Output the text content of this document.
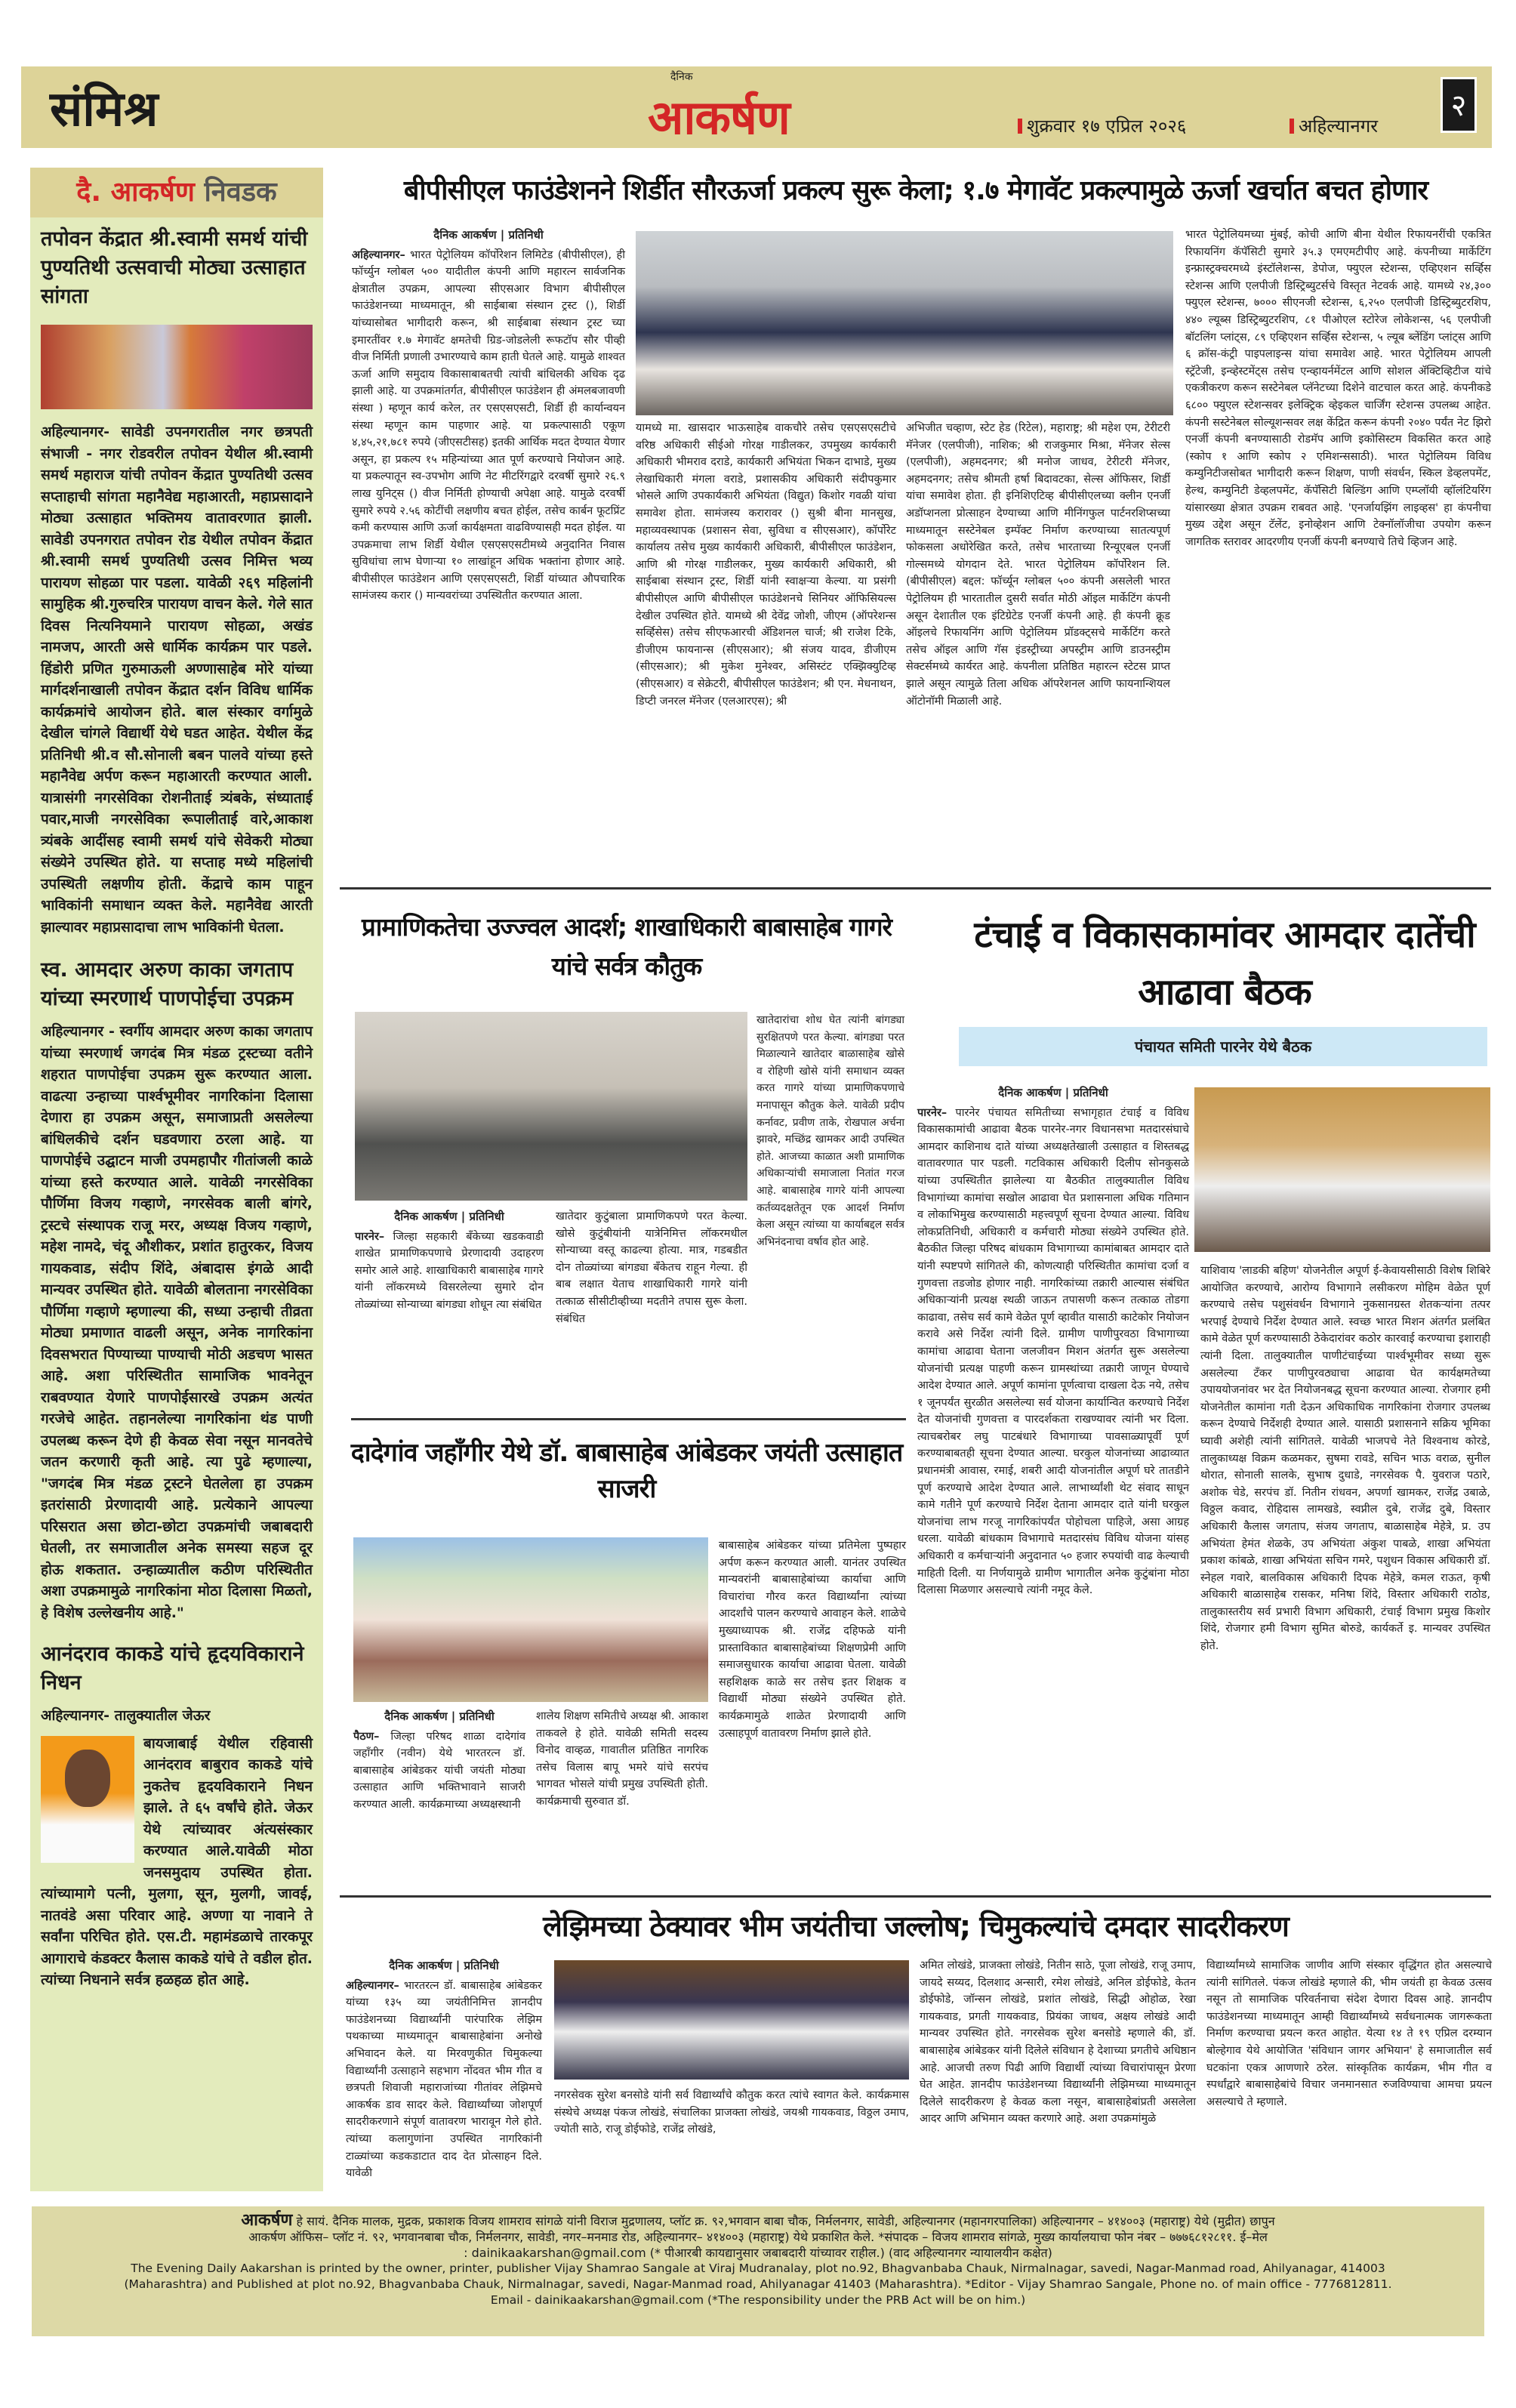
संमिश्र
दैनिक
आकर्षण	शुक्रवार १७ एप्रिल २०२६	अहिल्यानगर
२
दै. आकर्षण निवडक
तपोवन केंद्रात श्री.स्वामी समर्थ यांची पुण्यतिथी उत्सवाची मोठ्या उत्साहात सांगता
अहिल्यानगर- सावेडी उपनगरातील नगर छत्रपती संभाजी - नगर रोडवरील तपोवन येथील श्री.स्वामी समर्थ महाराज यांची तपोवन केंद्रात पुण्यतिथी उत्सव सप्ताहाची सांगता महानैवेद्य महाआरती, महाप्रसादाने मोठ्या उत्साहात भक्तिमय वातावरणात झाली. सावेडी उपनगरात तपोवन रोड येथील तपोवन केंद्रात श्री.स्वामी समर्थ पुण्यतिथी उत्सव निमित्त भव्य पारायण सोहळा पार पडला. यावेळी २६९ महिलांनी सामुहिक श्री.गुरुचरित्र पारायण वाचन केले. गेले सात दिवस नित्यनियमाने पारायण सोहळा, अखंड नामजप, आरती असे धार्मिक कार्यक्रम पार पडले. हिंडोरी प्रणित गुरुमाऊली अण्णासाहेब मोरे यांच्या मार्गदर्शनाखाली तपोवन केंद्रात दर्शन विविध धार्मिक कार्यक्रमांचे आयोजन होते. बाल संस्कार वर्गामुळे देखील चांगले विद्यार्थी येथे घडत आहेत. येथील केंद्र प्रतिनिधी श्री.व सौ.सोनाली बबन पालवे यांच्या हस्ते महानैवेद्य अर्पण करून महाआरती करण्यात आली. यात्रासंगी नगरसेविका रोशनीताई त्र्यंबके, संध्याताई पवार,माजी नगरसेविका रूपालीताई वारे,आकाश त्र्यंबके आदींसह स्वामी समर्थ यांचे सेवेकरी मोठ्या संख्येने उपस्थित होते. या सप्ताह मध्ये महिलांची उपस्थिती लक्षणीय होती. केंद्राचे काम पाहून भाविकांनी समाधान व्यक्त केले. महानैवेद्य आरती झाल्यावर महाप्रसादाचा लाभ भाविकांनी घेतला.
स्व. आमदार अरुण काका जगताप यांच्या स्मरणार्थ पाणपोईचा उपक्रम
अहिल्यानगर - स्वर्गीय आमदार अरुण काका जगताप यांच्या स्मरणार्थ जगदंब मित्र मंडळ ट्रस्टच्या वतीने शहरात पाणपोईचा उपक्रम सुरू करण्यात आला. वाढत्या उन्हाच्या पार्श्वभूमीवर नागरिकांना दिलासा देणारा हा उपक्रम असून, समाजाप्रती असलेल्या बांधिलकीचे दर्शन घडवणारा ठरला आहे. या पाणपोईचे उद्घाटन माजी उपमहापौर गीतांजली काळे यांच्या हस्ते करण्यात आले. यावेळी नगरसेविका पौर्णिमा विजय गव्हाणे, नगरसेवक बाली बांगरे, ट्रस्टचे संस्थापक राजू मरर, अध्यक्ष विजय गव्हाणे, महेश नामदे, चंदू औशीकर, प्रशांत हातुरकर, विजय गायकवाड, संदीप शिंदे, अंबादास इंगळे आदी मान्यवर उपस्थित होते. यावेळी बोलताना नगरसेविका पौर्णिमा गव्हाणे म्हणाल्या की, सध्या उन्हाची तीव्रता मोठ्या प्रमाणात वाढली असून, अनेक नागरिकांना दिवसभरात पिण्याच्या पाण्याची मोठी अडचण भासत आहे. अशा परिस्थितीत सामाजिक भावनेतून राबवण्यात येणारे पाणपोईसारखे उपक्रम अत्यंत गरजेचे आहेत. तहानलेल्या नागरिकांना थंड पाणी उपलब्ध करून देणे ही केवळ सेवा नसून मानवतेचे जतन करणारी कृती आहे. त्या पुढे म्हणाल्या, "जगदंब मित्र मंडळ ट्रस्टने घेतलेला हा उपक्रम इतरांसाठी प्रेरणादायी आहे. प्रत्येकाने आपल्या परिसरात असा छोटा-छोटा उपक्रमांची जबाबदारी घेतली, तर समाजातील अनेक समस्या सहज दूर होऊ शकतात. उन्हाळ्यातील कठीण परिस्थितीत अशा उपक्रमामुळे नागरिकांना मोठा दिलासा मिळतो, हे विशेष उल्लेखनीय आहे."
आनंदराव काकडे यांचे हृदयविकाराने निधन
अहिल्यानगर- तालुक्यातील जेऊर
बायजाबाई येथील रहिवासी आनंदराव बाबुराव काकडे यांचे नुकतेच हृदयविकाराने निधन झाले. ते ६५ वर्षांचे होते. जेऊर येथे त्यांच्यावर अंत्यसंस्कार करण्यात आले.यावेळी मोठा जनसमुदाय उपस्थित होता. त्यांच्यामागे पत्नी, मुलगा, सून, मुलगी, जावई, नातवंडे असा परिवार आहे. अण्णा या नावाने ते सर्वांना परिचित होते. एस.टी. महामंडळाचे तारकपूर आगाराचे कंडक्टर कैलास काकडे यांचे ते वडील होत. त्यांच्या निधनाने सर्वत्र हळहळ होत आहे.
बीपीसीएल फाउंडेशनने शिर्डीत सौरऊर्जा प्रकल्प सुरू केला; १.७ मेगावॅट प्रकल्पामुळे ऊर्जा खर्चात बचत होणार
दैनिक आकर्षण | प्रतिनिधी
अहिल्यानगर– भारत पेट्रोलियम कॉर्पोरेशन लिमिटेड (बीपीसीएल), ही फॉर्च्युन ग्लोबल ५०० यादीतील कंपनी आणि महारत्न सार्वजनिक क्षेत्रातील उपक्रम, आपल्या सीएसआर विभाग बीपीसीएल फाउंडेशनच्या माध्यमातून, श्री साईबाबा संस्थान ट्रस्ट (), शिर्डी यांच्यासोबत भागीदारी करून, श्री साईबाबा संस्थान ट्रस्ट च्या इमारतींवर १.७ मेगावॅट क्षमतेची ग्रिड-जोडलेली रूफटॉप सौर पीव्ही वीज निर्मिती प्रणाली उभारण्याचे काम हाती घेतले आहे. यामुळे शाश्वत ऊर्जा आणि समुदाय विकासाबाबतची त्यांची बांधिलकी अधिक दृढ झाली आहे. या उपक्रमांतर्गत, बीपीसीएल फाउंडेशन ही अंमलबजावणी संस्था ) म्हणून कार्य करेल, तर एसएसएसटी, शिर्डी ही कार्यान्वयन संस्था म्हणून काम पाहणार आहे. या प्रकल्पासाठी एकूण ४,४५,२१,७८१ रुपये (जीएसटीसह) इतकी आर्थिक मदत देण्यात येणार असून, हा प्रकल्प १५ महिन्यांच्या आत पूर्ण करण्याचे नियोजन आहे. या प्रकल्पातून स्व-उपभोग आणि नेट मीटरिंगद्वारे दरवर्षी सुमारे २६.९ लाख युनिट्स () वीज निर्मिती होण्याची अपेक्षा आहे. यामुळे दरवर्षी सुमारे रुपये २.५६ कोटींची लक्षणीय बचत होईल, तसेच कार्बन फूटप्रिंट कमी करण्यास आणि ऊर्जा कार्यक्षमता वाढविण्यासही मदत होईल. या उपक्रमाचा लाभ शिर्डी येथील एसएसएसटीमध्ये अनुदानित निवास सुविधांचा लाभ घेणाऱ्या १० लाखांहून अधिक भक्तांना होणार आहे. बीपीसीएल फाउंडेशन आणि एसएसएसटी, शिर्डी यांच्यात औपचारिक सामंजस्य करार () मान्यवरांच्या उपस्थितीत करण्यात आला.
यामध्ये मा. खासदार भाऊसाहेब वाकचौरे तसेच एसएसएसटीचे वरिष्ठ अधिकारी सीईओ गोरक्ष गाडीलकर, उपमुख्य कार्यकारी अधिकारी भीमराव दराडे, कार्यकारी अभियंता भिकन दाभाडे, मुख्य लेखाधिकारी मंगला वराडे, प्रशासकीय अधिकारी संदीपकुमार भोसले आणि उपकार्यकारी अभियंता (विद्युत) किशोर गवळी यांचा समावेश होता. सामंजस्य करारावर () सुश्री बीना मानसुख, महाव्यवस्थापक (प्रशासन सेवा, सुविधा व सीएसआर), कॉर्पोरेट कार्यालय तसेच मुख्य कार्यकारी अधिकारी, बीपीसीएल फाउंडेशन, आणि श्री गोरक्ष गाडीलकर, मुख्य कार्यकारी अधिकारी, श्री साईबाबा संस्थान ट्रस्ट, शिर्डी यांनी स्वाक्षऱ्या केल्या. या प्रसंगी बीपीसीएल आणि बीपीसीएल फाउंडेशनचे सिनियर ऑफिसियल्स देखील उपस्थित होते. यामध्ये श्री देवेंद्र जोशी, जीएम (ऑपरेशन्स सर्व्हिसेस) तसेच सीएफआरची ॲडिशनल चार्ज; श्री राजेश टिके, डीजीएम फायनान्स (सीएसआर); श्री संजय यादव, डीजीएम (सीएसआर); श्री मुकेश मुनेश्वर, असिस्टंट एक्झिक्युटिव्ह (सीएसआर) व सेक्रेटरी, बीपीसीएल फाउंडेशन; श्री एन. मेधनाथन, डिप्टी जनरल मॅनेजर (एलआरएस); श्री
अभिजीत चव्हाण, स्टेट हेड (रिटेल), महाराष्ट्र; श्री महेश एम, टेरीटरी मॅनेजर (एलपीजी), नाशिक; श्री राजकुमार मिश्रा, मॅनेजर सेल्स (एलपीजी), अहमदनगर; श्री मनोज जाधव, टेरीटरी मॅनेजर, अहमदनगर; तसेच श्रीमती हर्षा बिदावटका, सेल्स ऑफिसर, शिर्डी यांचा समावेश होता. ही इनिशिएटिव्ह बीपीसीएलच्या क्लीन एनर्जी अडॉप्शनला प्रोत्साहन देण्याच्या आणि मीनिंगफुल पार्टनरशिप्सच्या माध्यमातून सस्टेनेबल इम्पॅक्ट निर्माण करण्याच्या सातत्यपूर्ण फोकसला अधोरेखित करते, तसेच भारताच्या रिन्यूएबल एनर्जी गोल्समध्ये योगदान देते. भारत पेट्रोलियम कॉर्पोरेशन लि. (बीपीसीएल) बद्दल: फॉर्च्यून ग्लोबल ५०० कंपनी असलेली भारत पेट्रोलियम ही भारतातील दुसरी सर्वात मोठी ऑइल मार्केटिंग कंपनी असून देशातील एक इंटिग्रेटेड एनर्जी कंपनी आहे. ही कंपनी क्रूड ऑइलचे रिफायनिंग आणि पेट्रोलियम प्रॉडक्ट्सचे मार्केटिंग करते तसेच ऑइल आणि गॅस इंडस्ट्रीच्या अपस्ट्रीम आणि डाउनस्ट्रीम सेक्टर्समध्ये कार्यरत आहे. कंपनीला प्रतिष्ठित महारत्न स्टेटस प्राप्त झाले असून त्यामुळे तिला अधिक ऑपरेशनल आणि फायनान्शियल ऑटोनॉमी मिळाली आहे.
भारत पेट्रोलियमच्या मुंबई, कोची आणि बीना येथील रिफायनरींची एकत्रित रिफायनिंग कॅपॅसिटी सुमारे ३५.३ एमएमटीपीए आहे. कंपनीच्या मार्केटिंग इन्फ्रास्ट्रक्चरमध्ये इंस्टॉलेशन्स, डेपोज, फ्युएल स्टेशन्स, एव्हिएशन सर्व्हिस स्टेशन्स आणि एलपीजी डिस्ट्रिब्युटर्सचे विस्तृत नेटवर्क आहे. यामध्ये २४,३०० फ्युएल स्टेशन्स, ७००० सीएनजी स्टेशन्स, ६,२५० एलपीजी डिस्ट्रिब्युटरशिप, ४४० ल्यूब्स डिस्ट्रिब्युटरशिप, ८१ पीओएल स्टोरेज लोकेशन्स, ५६ एलपीजी बॉटलिंग प्लांट्स, ८९ एव्हिएशन सर्व्हिस स्टेशन्स, ५ ल्यूब ब्लेंडिंग प्लांट्स आणि ६ क्रॉस-कंट्री पाइपलाइन्स यांचा समावेश आहे. भारत पेट्रोलियम आपली स्ट्रॅटेजी, इन्व्हेस्टमेंट्स तसेच एन्व्हायर्नमेंटल आणि सोशल ॲक्टिव्हिटीज यांचे एकत्रीकरण करून सस्टेनेबल प्लॅनेटच्या दिशेने वाटचाल करत आहे. कंपनीकडे ६८०० फ्युएल स्टेशन्सवर इलेक्ट्रिक व्हेइकल चार्जिंग स्टेशन्स उपलब्ध आहेत. कंपनी सस्टेनेबल सोल्यूशन्सवर लक्ष केंद्रित करून कंपनी २०४० पर्यंत नेट झिरो एनर्जी कंपनी बनण्यासाठी रोडमॅप आणि इकोसिस्टम विकसित करत आहे (स्कोप १ आणि स्कोप २ एमिशन्ससाठी). भारत पेट्रोलियम विविध कम्युनिटीजसोबत भागीदारी करून शिक्षण, पाणी संवर्धन, स्किल डेव्हलपमेंट, हेल्थ, कम्युनिटी डेव्हलपमेंट, कॅपॅसिटी बिल्डिंग आणि एम्प्लॉयी व्हॉलंटियरिंग यांसारख्या क्षेत्रात उपक्रम राबवत आहे. 'एनर्जायझिंग लाइव्हस' हा कंपनीचा मुख्य उद्देश असून टॅलेंट, इनोव्हेशन आणि टेक्नॉलॉजीचा उपयोग करून जागतिक स्तरावर आदरणीय एनर्जी कंपनी बनण्याचे तिचे व्हिजन आहे.
प्रामाणिकतेचा उज्ज्वल आदर्श; शाखाधिकारी बाबासाहेब गागरे यांचे सर्वत्र कौतुक
खातेदारांचा शोध घेत त्यांनी बांगड्या सुरक्षितपणे परत केल्या. बांगड्या परत मिळाल्याने खातेदार बाळासाहेब खोसे व रोहिणी खोसे यांनी समाधान व्यक्त करत गागरे यांच्या प्रामाणिकपणाचे मनापासून कौतुक केले. यावेळी प्रदीप कर्नावट, प्रवीण ताके, रोखपाल अर्चना झावरे, मच्छिंद्र खामकर आदी उपस्थित होते. आजच्या काळात अशी प्रामाणिक अधिकाऱ्यांची समाजाला नितांत गरज आहे. बाबासाहेब गागरे यांनी आपल्या कर्तव्यदक्षतेतून एक आदर्श निर्माण केला असून त्यांच्या या कार्याबद्दल सर्वत्र अभिनंदनाचा वर्षाव होत आहे.
दैनिक आकर्षण | प्रतिनिधी
पारनेर– जिल्हा सहकारी बँकेच्या खडकवाडी शाखेत प्रामाणिकपणाचे प्रेरणादायी उदाहरण समोर आले आहे. शाखाधिकारी बाबासाहेब गागरे यांनी लॉकरमध्ये विसरलेल्या सुमारे दोन तोळ्यांच्या सोन्याच्या बांगड्या शोधून त्या संबंधित
खातेदार कुटुंबाला प्रामाणिकपणे परत केल्या. खोसे कुटुंबीयांनी यात्रेनिमित्त लॉकरमधील सोन्याच्या वस्तू काढल्या होत्या. मात्र, गडबडीत दोन तोळ्यांच्या बांगड्या बँकेतच राहून गेल्या. ही बाब लक्षात येताच शाखाधिकारी गागरे यांनी तत्काळ सीसीटीव्हीच्या मदतीने तपास सुरू केला. संबंधित
टंचाई व विकासकामांवर आमदार दातेंची आढावा बैठक
पंचायत समिती पारनेर येथे बैठक
दैनिक आकर्षण | प्रतिनिधी
पारनेर– पारनेर पंचायत समितीच्या सभागृहात टंचाई व विविध विकासकामांची आढावा बैठक पारनेर-नगर विधानसभा मतदारसंघाचे आमदार काशिनाथ दाते यांच्या अध्यक्षतेखाली उत्साहात व शिस्तबद्ध वातावरणात पार पडली. गटविकास अधिकारी दिलीप सोनकुसळे यांच्या उपस्थितीत झालेल्या या बैठकीत तालुक्यातील विविध विभागांच्या कामांचा सखोल आढावा घेत प्रशासनाला अधिक गतिमान व लोकाभिमुख करण्यासाठी महत्त्वपूर्ण सूचना देण्यात आल्या. विविध लोकप्रतिनिधी, अधिकारी व कर्मचारी मोठ्या संख्येने उपस्थित होते. बैठकीत जिल्हा परिषद बांधकाम विभागाच्या कामांबाबत आमदार दाते यांनी स्पष्टपणे सांगितले की, कोणत्याही परिस्थितीत कामांचा दर्जा व गुणवत्ता तडजोड होणार नाही. नागरिकांच्या तक्रारी आल्यास संबंधित अधिकाऱ्यांनी प्रत्यक्ष स्थळी जाऊन तपासणी करून तत्काळ तोडगा काढावा, तसेच सर्व कामे वेळेत पूर्ण व्हावीत यासाठी काटेकोर नियोजन करावे असे निर्देश त्यांनी दिले. ग्रामीण पाणीपुरवठा विभागाच्या कामांचा आढावा घेताना जलजीवन मिशन अंतर्गत सुरू असलेल्या योजनांची प्रत्यक्ष पाहणी करून ग्रामस्थांच्या तक्रारी जाणून घेण्याचे आदेश देण्यात आले. अपूर्ण कामांना पूर्णत्वाचा दाखला देऊ नये, तसेच १ जूनपर्यंत सुरळीत असलेल्या सर्व योजना कार्यान्वित करण्याचे निर्देश देत योजनांची गुणवत्ता व पारदर्शकता राखण्यावर त्यांनी भर दिला. त्याचबरोबर लघु पाटबंधारे विभागाच्या पावसाळ्यापूर्वी पूर्ण करण्याबाबतही सूचना देण्यात आल्या. घरकुल योजनांच्या आढाव्यात प्रधानमंत्री आवास, रमाई, शबरी आदी योजनांतील अपूर्ण घरे तातडीने पूर्ण करण्याचे आदेश देण्यात आले. लाभार्थ्यांशी थेट संवाद साधून कामे गतीने पूर्ण करण्याचे निर्देश देताना आमदार दाते यांनी घरकुल योजनांचा लाभ गरजू नागरिकांपर्यंत पोहोचला पाहिजे, असा आग्रह धरला. यावेळी बांधकाम विभागाचे मतदारसंघ विविध योजना यांसह अधिकारी व कर्मचाऱ्यांनी अनुदानात ५० हजार रुपयांची वाढ केल्याची माहिती दिली. या निर्णयामुळे ग्रामीण भागातील अनेक कुटुंबांना मोठा दिलासा मिळणार असल्याचे त्यांनी नमूद केले.
याशिवाय 'लाडकी बहिण' योजनेतील अपूर्ण ई-केवायसीसाठी विशेष शिबिरे आयोजित करण्याचे, आरोग्य विभागाने लसीकरण मोहिम वेळेत पूर्ण करण्याचे तसेच पशुसंवर्धन विभागाने नुकसानग्रस्त शेतकऱ्यांना तत्पर भरपाई देण्याचे निर्देश देण्यात आले. स्वच्छ भारत मिशन अंतर्गत प्रलंबित कामे वेळेत पूर्ण करण्यासाठी ठेकेदारांवर कठोर कारवाई करण्याचा इशाराही त्यांनी दिला. तालुक्यातील पाणीटंचाईच्या पार्श्वभूमीवर सध्या सुरू असलेल्या टँकर पाणीपुरवठ्याचा आढावा घेत कार्यक्षमतेच्या उपाययोजनांवर भर देत नियोजनबद्ध सूचना करण्यात आल्या. रोजगार हमी योजनेतील कामांना गती देऊन अधिकाधिक नागरिकांना रोजगार उपलब्ध करून देण्याचे निर्देशही देण्यात आले. यासाठी प्रशासनाने सक्रिय भूमिका घ्यावी अशेही त्यांनी सांगितले. यावेळी भाजपचे नेते विश्वनाथ कोरडे, तालुकाध्यक्ष विक्रम कळमकर, सुषमा रावडे, सचिन भाऊ वराळ, सुनील थोरात, सोनाली सालके, सुभाष दुधाडे, नगरसेवक पै. युवराज पठारे, अशोक चेडे, सरपंच डॉ. नितीन रांधवन, अपर्णा खामकर, राजेंद्र उबाळे, विठ्ठल कवाद, रोहिदास लामखडे, स्वप्नील दुबे, राजेंद्र दुबे, विस्तार अधिकारी कैलास जगताप, संजय जगताप, बाळासाहेब मेहेत्रे, प्र. उप अभियंता हेमंत शेळके, उप अभियंता अंकुश पाबळे, शाखा अभियंता प्रकाश कांबळे, शाखा अभियंता सचिन गमरे, पशुधन विकास अधिकारी डॉ. स्नेहल गवारे, बालविकास अधिकारी दिपक मेहेत्रे, कमल राऊत, कृषी अधिकारी बाळासाहेब रासकर, मनिषा शिंदे, विस्तार अधिकारी राठोड, तालुकास्तरीय सर्व प्रभारी विभाग अधिकारी, टंचाई विभाग प्रमुख किशोर शिंदे, रोजगार हमी विभाग सुमित बोरुडे, कार्यकर्ते इ. मान्यवर उपस्थित होते.
दादेगांव जहाँगीर येथे डॉ. बाबासाहेब आंबेडकर जयंती उत्साहात साजरी
दैनिक आकर्षण | प्रतिनिधी
पैठण– जिल्हा परिषद शाळा दादेगांव जहाँगीर (नवीन) येथे भारतरत्न डॉ. बाबासाहेब आंबेडकर यांची जयंती मोठ्या उत्साहात आणि भक्तिभावाने साजरी करण्यात आली. कार्यक्रमाच्या अध्यक्षस्थानी
शालेय शिक्षण समितीचे अध्यक्ष श्री. आकाश ताकवले हे होते. यावेळी समिती सदस्य विनोद वाव्हळ, गावातील प्रतिष्ठित नागरिक तसेच विलास बापू भमरे यांचे सरपंच भागवत भोसले यांची प्रमुख उपस्थिती होती. कार्यक्रमाची सुरुवात डॉ.
बाबासाहेब आंबेडकर यांच्या प्रतिमेला पुष्पहार अर्पण करून करण्यात आली. यानंतर उपस्थित मान्यवरांनी बाबासाहेबांच्या कार्याचा आणि विचारांचा गौरव करत विद्यार्थ्यांना त्यांच्या आदर्शांचे पालन करण्याचे आवाहन केले. शाळेचे मुख्याध्यापक श्री. राजेंद्र दहिफळे यांनी प्रास्ताविकात बाबासाहेबांच्या शिक्षणप्रेमी आणि समाजसुधारक कार्याचा आढावा घेतला. यावेळी सहशिक्षक काळे सर तसेच इतर शिक्षक व विद्यार्थी मोठ्या संख्येने उपस्थित होते. कार्यक्रमामुळे शाळेत प्रेरणादायी आणि उत्साहपूर्ण वातावरण निर्माण झाले होते.
लेझिमच्या ठेक्यावर भीम जयंतीचा जल्लोष; चिमुकल्यांचे दमदार सादरीकरण
दैनिक आकर्षण | प्रतिनिधी
अहिल्यानगर– भारतरत्न डॉ. बाबासाहेब आंबेडकर यांच्या १३५ व्या जयंतीनिमित्त ज्ञानदीप फाउंडेशनच्या विद्यार्थ्यांनी पारंपारिक लेझिम पथकाच्या माध्यमातून बाबासाहेबांना अनोखे अभिवादन केले. या मिरवणुकीत चिमुकल्या विद्यार्थ्यांनी उत्साहाने सहभाग नोंदवत भीम गीत व छत्रपती शिवाजी महाराजांच्या गीतांवर लेझिमचे आकर्षक डाव सादर केले. विद्यार्थ्यांच्या जोशपूर्ण सादरीकरणाने संपूर्ण वातावरण भारावून गेले होते. त्यांच्या कलागुणांना उपस्थित नागरिकांनी टाळ्यांच्या कडकडाटात दाद देत प्रोत्साहन दिले. यावेळी
नगरसेवक सुरेश बनसोडे यांनी सर्व विद्यार्थ्यांचे कौतुक करत त्यांचे स्वागत केले. कार्यक्रमास संस्थेचे अध्यक्ष पंकज लोखंडे, संचालिका प्राजक्ता लोखंडे, जयश्री गायकवाड, विठ्ठल उमाप, ज्योती साठे, राजू डोईफोडे, राजेंद्र लोखंडे,
अमित लोखंडे, प्राजक्ता लोखंडे, नितीन साठे, पूजा लोखंडे, राजू उमाप, जायदे सय्यद, दिलशाद अन्सारी, रमेश लोखंडे, अनिल डोईफोडे, केतन डोईफोडे, जॉन्सन लोखंडे, प्रशांत लोखंडे, सिद्धी ओहोळ, रेखा गायकवाड, प्रगती गायकवाड, प्रियंका जाधव, अक्षय लोखंडे आदी मान्यवर उपस्थित होते. नगरसेवक सुरेश बनसोडे म्हणाले की, डॉ. बाबासाहेब आंबेडकर यांनी दिलेले संविधान हे देशाच्या प्रगतीचे अधिष्ठान आहे. आजची तरुण पिढी आणि विद्यार्थी त्यांच्या विचारांपासून प्रेरणा घेत आहेत. ज्ञानदीप फाउंडेशनच्या विद्यार्थ्यांनी लेझिमच्या माध्यमातून दिलेले सादरीकरण हे केवळ कला नसून, बाबासाहेबांप्रती असलेला आदर आणि अभिमान व्यक्त करणारे आहे. अशा उपक्रमांमुळे
विद्यार्थ्यांमध्ये सामाजिक जाणीव आणि संस्कार वृद्धिंगत होत असल्याचे त्यांनी सांगितले. पंकज लोखंडे म्हणाले की, भीम जयंती हा केवळ उत्सव नसून तो सामाजिक परिवर्तनाचा संदेश देणारा दिवस आहे. ज्ञानदीप फाउंडेशनच्या माध्यमातून आम्ही विद्यार्थ्यांमध्ये सर्वधनात्मक जागरूकता निर्माण करण्याचा प्रयत्न करत आहोत. येत्या १४ ते १९ एप्रिल दरम्यान बोल्हेगाव येथे आयोजित 'संविधान जागर अभियान' हे समाजातील सर्व घटकांना एकत्र आणणारे ठरेल. सांस्कृतिक कार्यक्रम, भीम गीत व स्पर्धांद्वारे बाबासाहेबांचे विचार जनमानसात रुजविण्याचा आमचा प्रयत्न असल्याचे ते म्हणाले.

आकर्षण हे सायं. दैनिक मालक, मुद्रक, प्रकाशक विजय शामराव सांगळे यांनी विराज मुद्रणालय, प्लॉट क्र. ९२,भगवान बाबा चौक, निर्मलनगर, सावेडी, अहिल्यानगर (महानगरपालिका) अहिल्यानगर – ४१४००३ (महाराष्ट्र) येथे (मुद्रीत) छापुन

आकर्षण ऑफिस– प्लॉट नं. ९२, भगवानबाबा चौक, निर्मलनगर, सावेडी, नगर–मनमाड रोड, अहिल्यानगर– ४१४००३ (महाराष्ट्र) येथे प्रकाशित केले. *संपादक – विजय शामराव सांगळे, मुख्य कार्यालयाचा फोन नंबर – ७७७६८१२८११. ई–मेल

: dainikaakarshan@gmail.com (* पीआरबी कायद्यानुसार जबाबदारी यांच्यावर राहील.) (वाद अहिल्यानगर न्यायालयीन कक्षेत)

The Evening Daily Aakarshan is printed by the owner, printer, publisher Vijay Shamrao Sangale at Viraj Mudranalay, plot no.92, Bhagvanbaba Chauk, Nirmalnagar, savedi, Nagar-Manmad road, Ahilyanagar, 414003

(Maharashtra) and Published at plot no.92, Bhagvanbaba Chauk, Nirmalnagar, savedi, Nagar-Manmad road, Ahilyanagar 41403 (Maharashtra). *Editor - Vijay Shamrao Sangale, Phone no. of main office - 7776812811.

Email - dainikaakarshan@gmail.com (*The responsibility under the PRB Act will be on him.)
